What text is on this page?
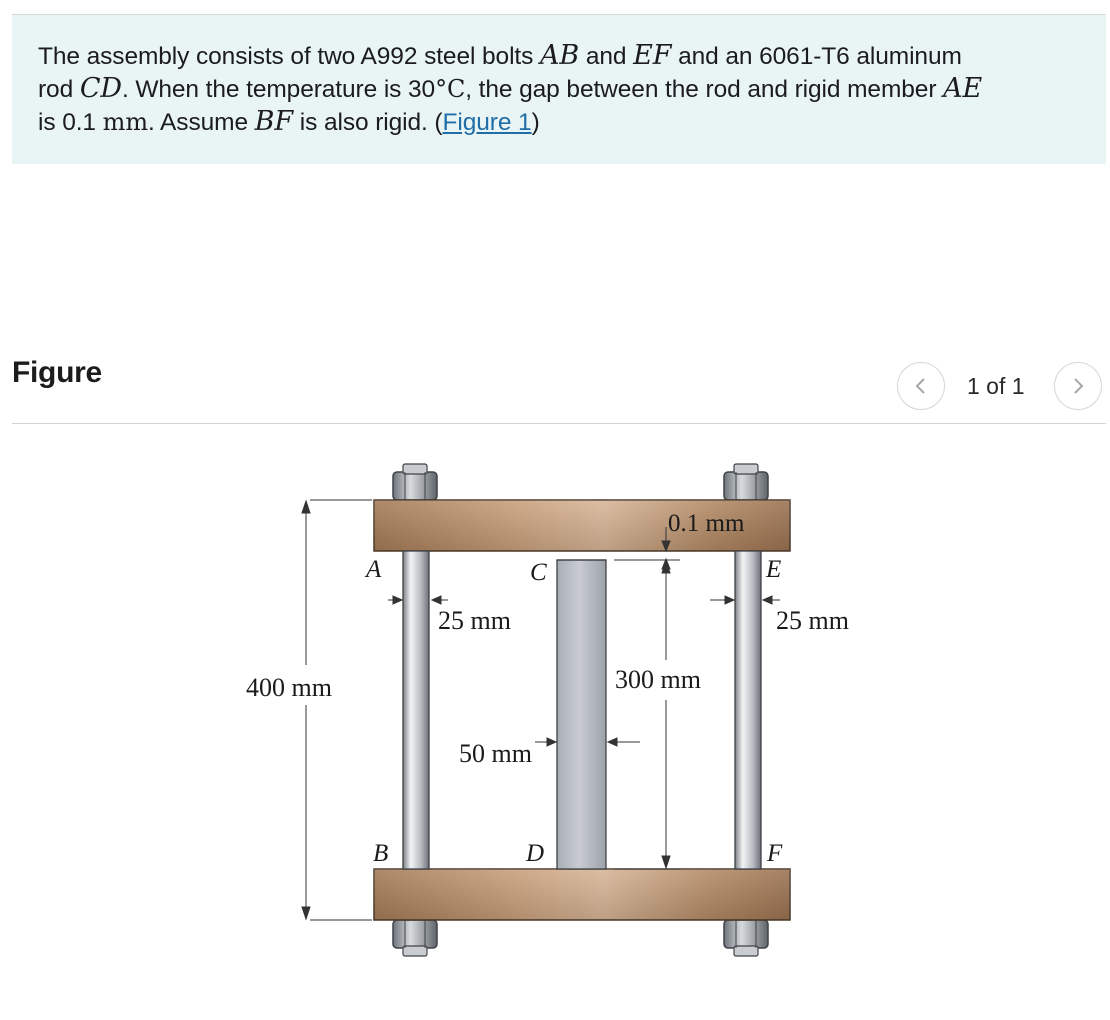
The assembly consists of two A992 steel bolts AB and EF and an 6061-T6 aluminum
rod CD. When the temperature is 30°C, the gap between the rod and rigid member AE
is 0.1 mm. Assume BF is also rigid. (Figure 1)
Figure	1 of 1
0.1 mm
A	C	E
25 mm	25 mm
400 mm	300 mm
50 mm
B	D	F
